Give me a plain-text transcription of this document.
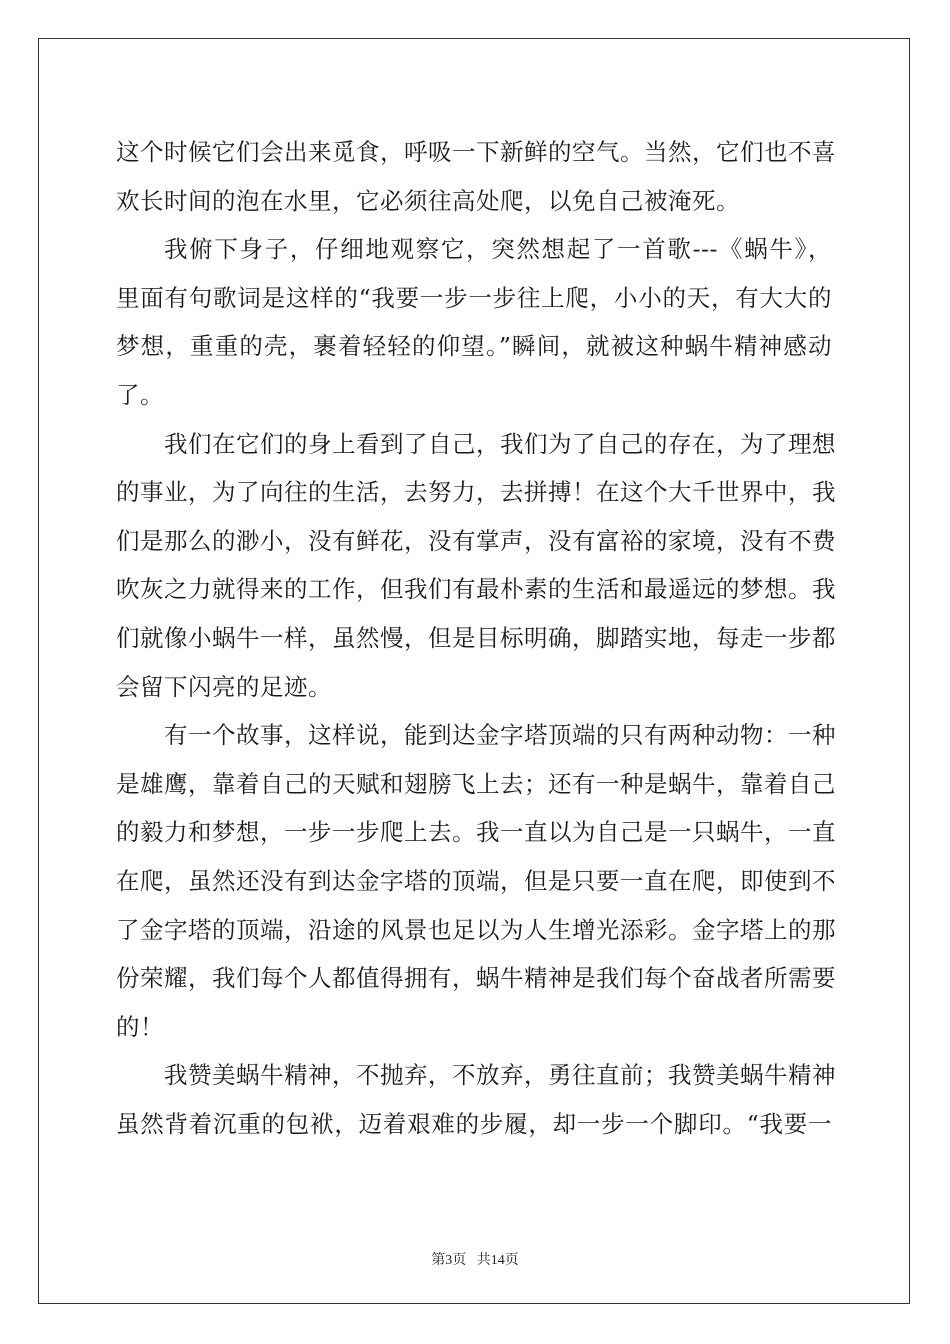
这个时候它们会出来觅食，呼吸一下新鲜的空气。当然，它们也不喜
欢长时间的泡在水里，它必须往高处爬，以免自己被淹死。
我俯下身子，仔细地观察它，突然想起了一首歌---《蜗牛》，
里面有句歌词是这样的“我要一步一步往上爬，小小的天，有大大的
梦想，重重的壳，裹着轻轻的仰望。”瞬间，就被这种蜗牛精神感动
了。
我们在它们的身上看到了自己，我们为了自己的存在，为了理想
的事业，为了向往的生活，去努力，去拼搏！在这个大千世界中，我
们是那么的渺小，没有鲜花，没有掌声，没有富裕的家境，没有不费
吹灰之力就得来的工作，但我们有最朴素的生活和最遥远的梦想。我
们就像小蜗牛一样，虽然慢，但是目标明确，脚踏实地，每走一步都
会留下闪亮的足迹。
有一个故事，这样说，能到达金字塔顶端的只有两种动物：一种
是雄鹰，靠着自己的天赋和翅膀飞上去；还有一种是蜗牛，靠着自己
的毅力和梦想，一步一步爬上去。我一直以为自己是一只蜗牛，一直
在爬，虽然还没有到达金字塔的顶端，但是只要一直在爬，即使到不
了金字塔的顶端，沿途的风景也足以为人生增光添彩。金字塔上的那
份荣耀，我们每个人都值得拥有，蜗牛精神是我们每个奋战者所需要
的！
我赞美蜗牛精神，不抛弃，不放弃，勇往直前；我赞美蜗牛精神
虽然背着沉重的包袱，迈着艰难的步履，却一步一个脚印。“我要一
第3页   共14页
